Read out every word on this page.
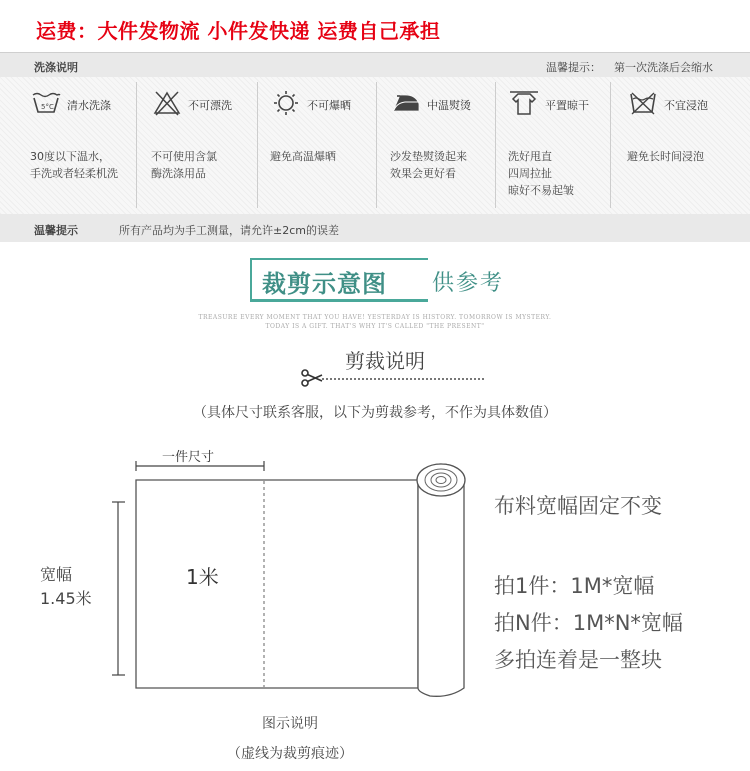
运费：大件发物流 小件发快递 运费自己承担
洗涤说明	温馨提示： 第一次洗涤后会缩水
5°C 清水洗涤
30度以下温水，
手洗或者轻柔机洗
不可漂洗
不可使用含氯
酶洗涤用品
不可爆晒
避免高温爆晒
中温熨烫
沙发垫熨烫起来
效果会更好看
平置晾干
洗好甩直
四周拉扯
晾好不易起皱
不宜浸泡
避免长时间浸泡
温馨提示	所有产品均为手工测量，请允许±2cm的误差
裁剪示意图 供参考
TREASURE EVERY MOMENT THAT YOU HAVE! YESTERDAY IS HISTORY. TOMORROW IS MYSTERY.
TODAY IS A GIFT. THAT'S WHY IT'S CALLED "THE PRESENT"
剪裁说明
（具体尺寸联系客服，以下为剪裁参考，不作为具体数值）
一件尺寸
宽幅
1.45米
1米
布料宽幅固定不变
拍1件：1M*宽幅
拍N件：1M*N*宽幅
多拍连着是一整块
图示说明
（虚线为裁剪痕迹）
